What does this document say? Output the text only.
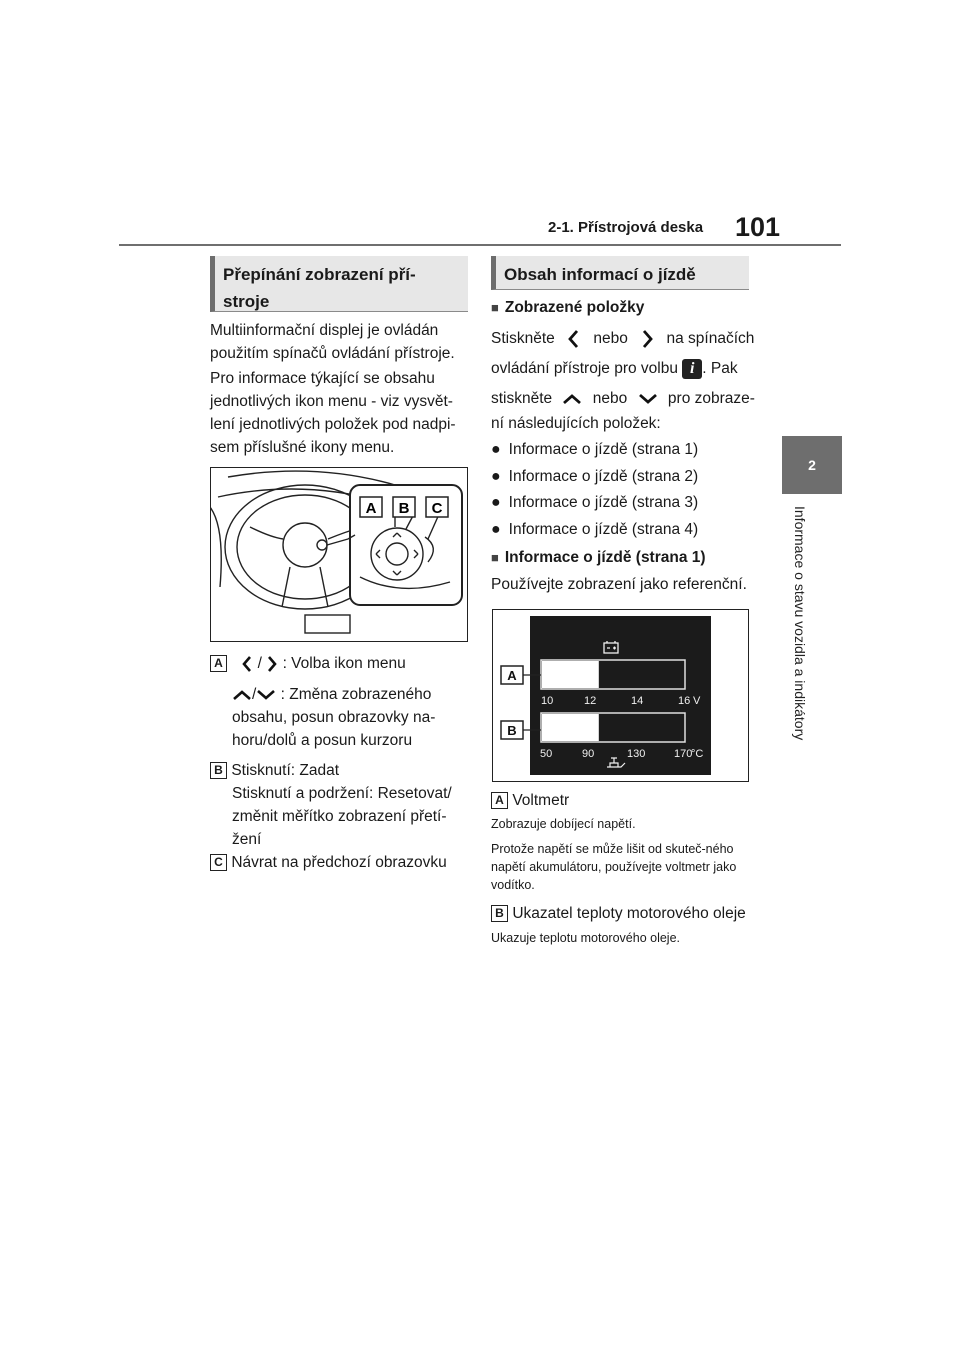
2-1. Přístrojová deska 101
2
Informace o stavu vozidla a indikátory
Přepínání zobrazení pří-stroje
Multiinformační displej je ovládán použitím spínačů ovládání přístroje.
Pro informace týkající se obsahu jednotlivých ikon menu - viz vysvět-lení jednotlivých položek pod nadpi-sem příslušné ikony menu.
A B C
A / : Volba ikon menu
/ : Změna zobrazeného obsahu, posun obrazovky na-horu/dolů a posun kurzoru
B Stisknutí: Zadat
Stisknutí a podržení: Resetovat/ změnit měřítko zobrazení přetí-žení
C Návrat na předchozí obrazovku
Obsah informací o jízdě
■ Zobrazené položky
Stiskněte nebo na spínačích
ovládání přístroje pro volbu i . Pak
stiskněte	nebo	pro zobraze-
ní následujících položek:
● Informace o jízdě (strana 1)
● Informace o jízdě (strana 2)
● Informace o jízdě (strana 3)
● Informace o jízdě (strana 4)
■ Informace o jízdě (strana 1)
Používejte zobrazení jako referenční.
10	12	14	16 V
50	90	130	170
°C
A
B
A Voltmetr
Zobrazuje dobíjecí napětí.
Protože napětí se může lišit od skuteč-ného napětí akumulátoru, používejte voltmetr jako vodítko.
B Ukazatel teploty motorového oleje
Ukazuje teplotu motorového oleje.
